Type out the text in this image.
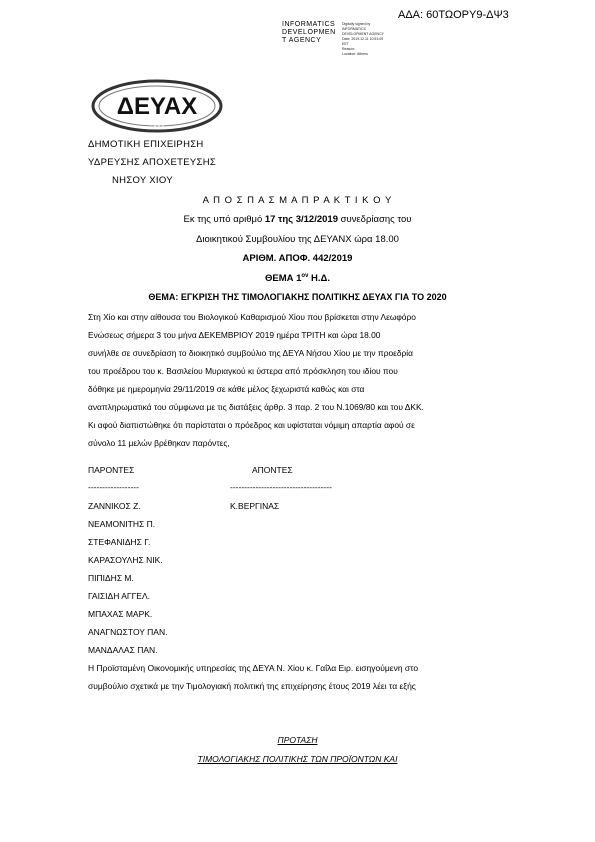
ΑΔΑ: 60ΤΩΟΡΥ9-ΔΨ3
INFORMATICS
DEVELOPMEN
T AGENCY
Digitally signed by
INFORMATICS
DEVELOPMENT AGENCY
Date: 2019.12.11 10:51:09
EET
Reason:
Location: Athens
ΔΕΥΑΧ
1 9 8 4
ΔΗΜΟΤΙΚΗ ΕΠΙΧΕΙΡΗΣΗ
ΥΔΡΕΥΣΗΣ ΑΠΟΧΕΤΕΥΣΗΣ
ΝΗΣΟΥ ΧΙΟΥ
Α Π Ο Σ Π Α Σ Μ Α Π Ρ Α Κ Τ Ι Κ Ο Υ
Εκ της υπό αριθμό 17 της 3/12/2019 συνεδρίασης του
Διοικητικού Συμβουλίου της ΔΕΥΑΝΧ ώρα 18.00
ΑΡΙΘΜ. ΑΠΟΦ. 442/2019
ΘΕΜΑ $1^{o\nu}$ Η.Δ.
ΘΕΜΑ: ΕΓΚΡΙΣΗ ΤΗΣ ΤΙΜΟΛΟΓΙΑΚΗΣ ΠΟΛΙΤΙΚΗΣ ΔΕΥΑΧ ΓΙΑ ΤΟ 2020
Στη Χίο και στην αίθουσα του Βιολογικού Καθαρισμού Χίου που βρίσκεται στην Λεωφόρο
Ενώσεως σήμερα 3 του μήνα ΔΕΚΕΜΒΡΙΟΥ 2019 ημέρα ΤΡΙΤΗ και ώρα 18.00
συνήλθε σε συνεδρίαση το διοικητικό συμβούλιο της ΔΕΥΑ Νήσου Χίου με την προεδρία
του προέδρου του κ. Βασιλείου Μυριαγκού κι ύστερα από πρόσκληση του ιδίου που
δόθηκε με ημερομηνία 29/11/2019 σε κάθε μέλος ξεχωριστά καθώς και στα
αναπληρωματικά του σύμφωνα με τις διατάξεις άρθρ. 3 παρ. 2 του Ν.1069/80 και του ΔΚΚ.
Κι αφού διαπιστώθηκε ότι παρίσταται ο πρόεδρος και υφίσταται νόμιμη απαρτία αφού σε
σύνολο 11 μελών βρέθηκαν παρόντες,
ΠΑΡΟΝΤΕΣ	ΑΠΟΝΤΕΣ
------------------	------------------------------------
ΖΑΝΝΙΚΟΣ Ζ.
ΝΕΑΜΟΝΙΤΗΣ Π.
ΣΤΕΦΑΝΙΔΗΣ Γ.
ΚΑΡΑΣΟΥΛΗΣ ΝΙΚ.
ΠΙΠΙΔΗΣ Μ.
ΓΑΙΣΙΔΗ ΑΓΓΕΛ.
ΜΠΑΧΑΣ ΜΑΡΚ.
ΑΝΑΓΝΩΣΤΟΥ ΠΑΝ.
ΜΑΝΔΑΛΑΣ ΠΑΝ.
Κ.ΒΕΡΓΙΝΑΣ
Η Προϊσταμένη Οικονομικής υπηρεσίας της ΔΕΥΑ Ν. Χίου κ. Γαΐλα Ειρ. εισηγούμενη στο
συμβούλιο σχετικά με την Τιμολογιακή πολιτική της επιχείρησης έτους 2019 λέει τα εξής
ΠΡΟΤΑΣΗ
ΤΙΜΟΛΟΓΙΑΚΗΣ ΠΟΛΙΤΙΚΗΣ ΤΩΝ ΠΡΟΪΟΝΤΩΝ ΚΑΙ
